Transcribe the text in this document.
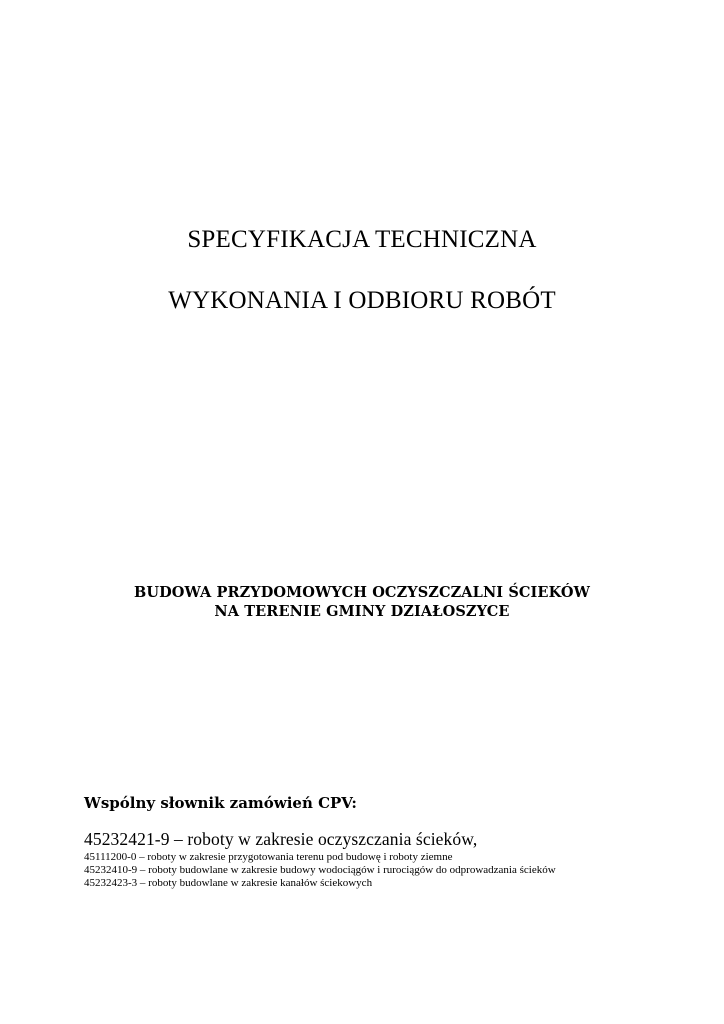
SPECYFIKACJA TECHNICZNA
WYKONANIA I ODBIORU ROBÓT
BUDOWA PRZYDOMOWYCH OCZYSZCZALNI ŚCIEKÓW
NA TERENIE GMINY DZIAŁOSZYCE
Wspólny słownik zamówień CPV:
45232421-9 – roboty w zakresie oczyszczania ścieków,
45111200-0 – roboty w zakresie przygotowania terenu pod budowę i roboty ziemne
45232410-9 – roboty budowlane w zakresie budowy wodociągów i rurociągów do odprowadzania ścieków
45232423-3 – roboty budowlane w zakresie kanałów ściekowych
